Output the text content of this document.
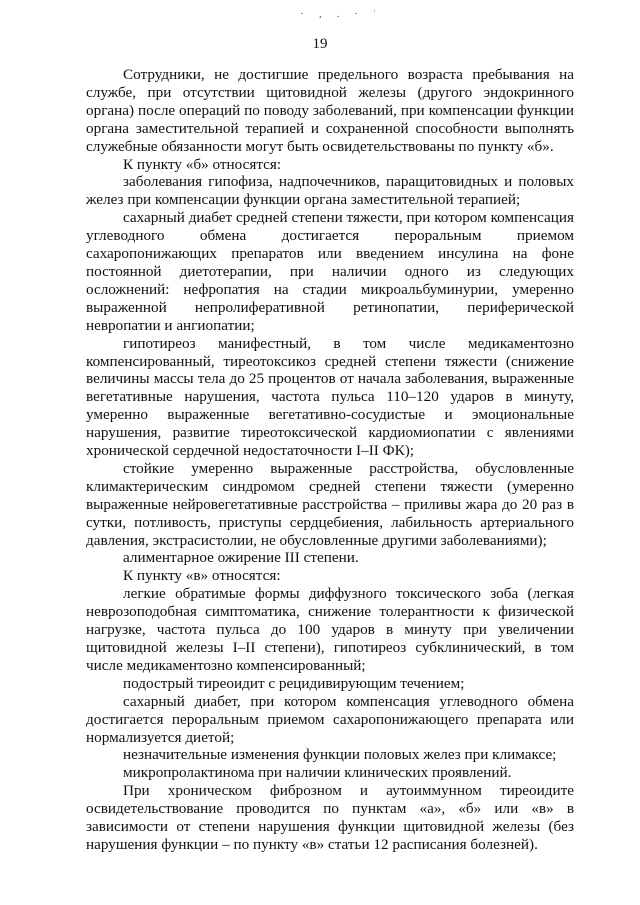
· ‚ . · ˈ
19

Сотрудники, не достигшие предельного возраста пребывания на службе, при отсутствии щитовидной железы (другого эндокринного органа) после операций по поводу заболеваний, при компенсации функции органа заместительной терапией и сохраненной способности выполнять служебные обязанности могут быть освидетельствованы по пункту «б».

К пункту «б» относятся:

заболевания гипофиза, надпочечников, паращитовидных и половых желез при компенсации функции органа заместительной терапией;

сахарный диабет средней степени тяжести, при котором компенсация углеводного обмена достигается пероральным приемом сахаропонижающих препаратов или введением инсулина на фоне постоянной диетотерапии, при наличии одного из следующих осложнений: нефропатия на стадии микроальбуминурии, умеренно выраженной непролиферативной ретинопатии, периферической невропатии и ангиопатии;

гипотиреоз манифестный, в том числе медикаментозно компенсированный, тиреотоксикоз средней степени тяжести (снижение величины массы тела до 25 процентов от начала заболевания, выраженные вегетативные нарушения, частота пульса 110–120 ударов в минуту, умеренно выраженные вегетативно-сосудистые и эмоциональные нарушения, развитие тиреотоксической кардиомиопатии с явлениями хронической сердечной недостаточности I–II ФК);

стойкие умеренно выраженные расстройства, обусловленные климактерическим синдромом средней степени тяжести (умеренно выраженные нейровегетативные расстройства – приливы жара до 20 раз в сутки, потливость, приступы сердцебиения, лабильность артериального давления, экстрасистолии, не обусловленные другими заболеваниями);

алиментарное ожирение III степени.

К пункту «в» относятся:

легкие обратимые формы диффузного токсического зоба (легкая неврозоподобная симптоматика, снижение толерантности к физической нагрузке, частота пульса до 100 ударов в минуту при увеличении щитовидной железы I–II степени), гипотиреоз субклинический, в том числе медикаментозно компенсированный;

подострый тиреоидит с рецидивирующим течением;

сахарный диабет, при котором компенсация углеводного обмена достигается пероральным приемом сахаропонижающего препарата или нормализуется диетой;

незначительные изменения функции половых желез при климаксе;

микропролактинома при наличии клинических проявлений.

При хроническом фиброзном и аутоиммунном тиреоидите освидетельствование проводится по пунктам «а», «б» или «в» в зависимости от степени нарушения функции щитовидной железы (без нарушения функции – по пункту «в» статьи 12 расписания болезней).
